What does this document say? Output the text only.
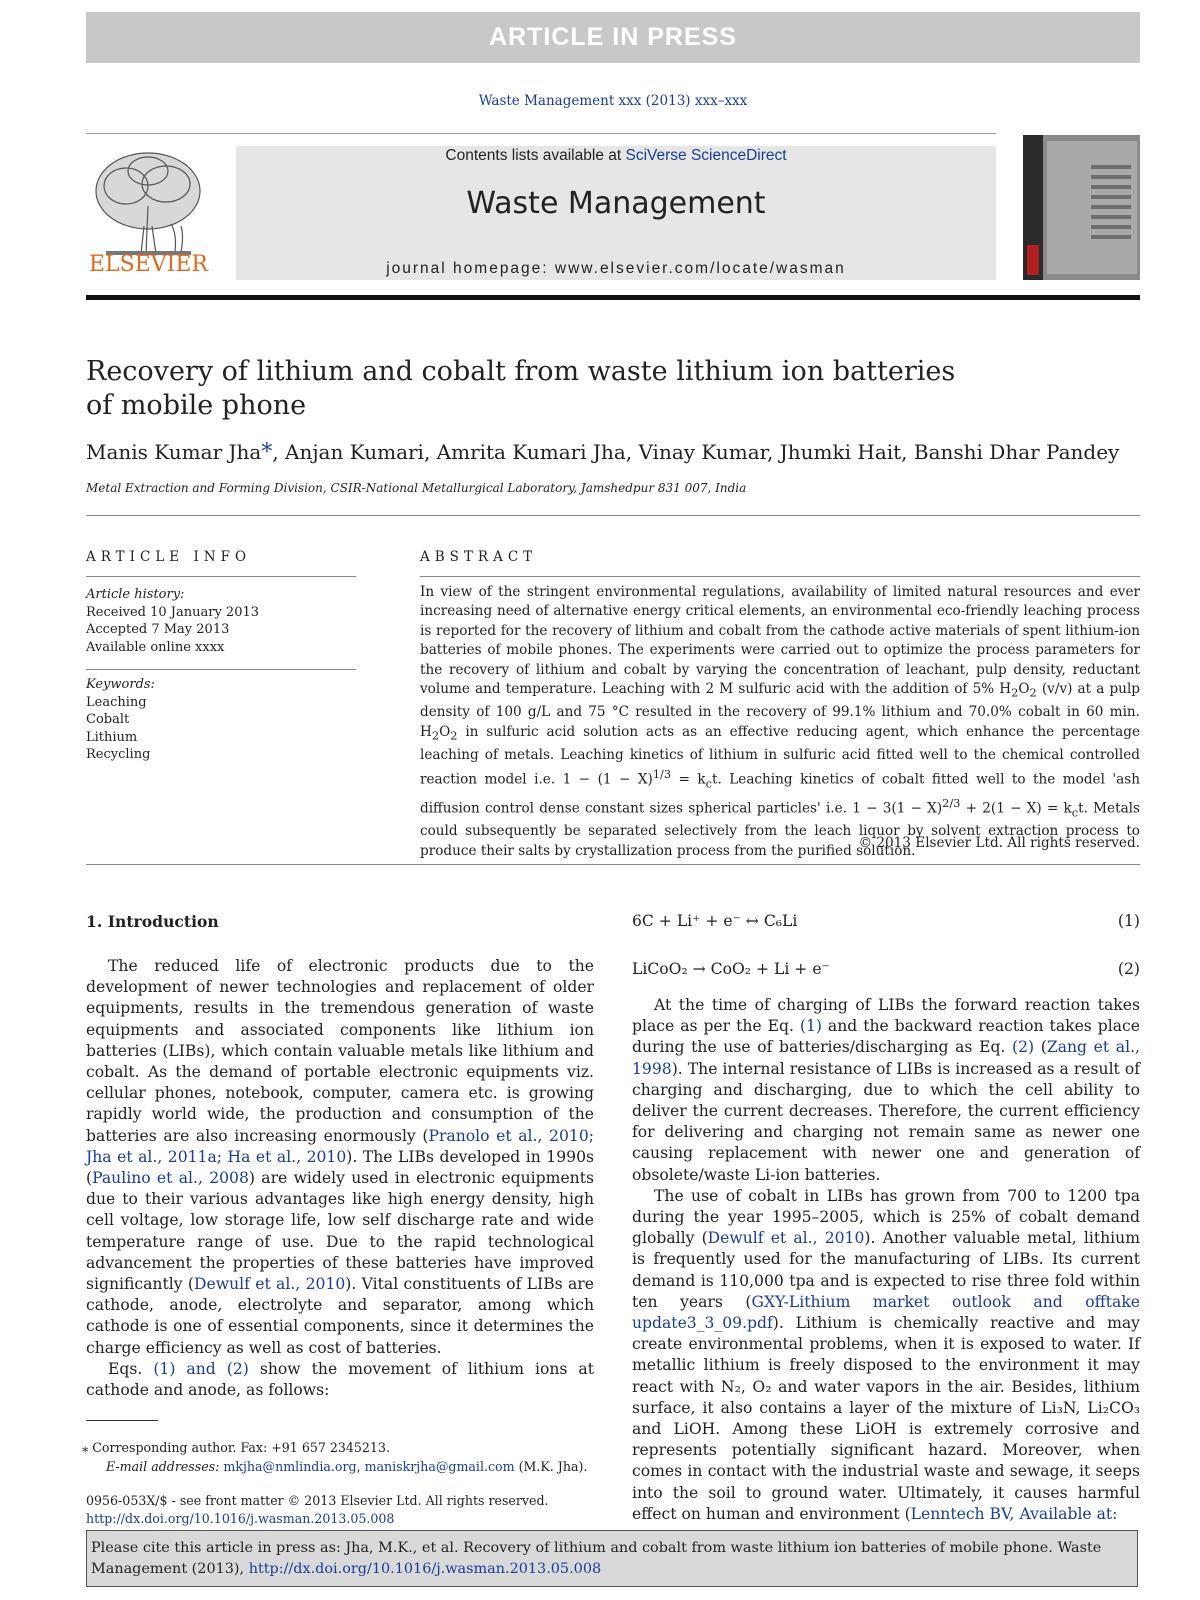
ARTICLE IN PRESS
Waste Management xxx (2013) xxx–xxx
ELSEVIER
Contents lists available at SciVerse ScienceDirect
Waste Management
journal homepage: www.elsevier.com/locate/wasman
Recovery of lithium and cobalt from waste lithium ion batteries
of mobile phone
Manis Kumar Jha*, Anjan Kumari, Amrita Kumari Jha, Vinay Kumar, Jhumki Hait, Banshi Dhar Pandey
Metal Extraction and Forming Division, CSIR-National Metallurgical Laboratory, Jamshedpur 831 007, India
ARTICLE INFO
Article history:
Received 10 January 2013
Accepted 7 May 2013
Available online xxxx
Keywords:
Leaching
Cobalt
Lithium
Recycling
ABSTRACT
In view of the stringent environmental regulations, availability of limited natural resources and ever increasing need of alternative energy critical elements, an environmental eco-friendly leaching process is reported for the recovery of lithium and cobalt from the cathode active materials of spent lithium-ion batteries of mobile phones. The experiments were carried out to optimize the process parameters for the recovery of lithium and cobalt by varying the concentration of leachant, pulp density, reductant volume and temperature. Leaching with 2 M sulfuric acid with the addition of 5% $H_2O_2$ (v/v) at a pulp density of 100 g/L and 75 °C resulted in the recovery of 99.1% lithium and 70.0% cobalt in 60 min. $H_2O_2$ in sulfuric acid solution acts as an effective reducing agent, which enhance the percentage leaching of metals. Leaching kinetics of lithium in sulfuric acid fitted well to the chemical controlled reaction model i.e. $1 - (1 - X)^{1/3} = k_ct$. Leaching kinetics of cobalt fitted well to the model 'ash diffusion control dense constant sizes spherical particles' i.e. $1 - 3(1 - X)^{2/3} + 2(1 - X) = k_ct$. Metals could subsequently be separated selectively from the leach liquor by solvent extraction process to produce their salts by crystallization process from the purified solution.
© 2013 Elsevier Ltd. All rights reserved.
1. Introduction

The reduced life of electronic products due to the development of newer technologies and replacement of older equipments, results in the tremendous generation of waste equipments and associated components like lithium ion batteries (LIBs), which contain valuable metals like lithium and cobalt. As the demand of portable electronic equipments viz. cellular phones, notebook, computer, camera etc. is growing rapidly world wide, the production and consumption of the batteries are also increasing enormously (Pranolo et al., 2010; Jha et al., 2011a; Ha et al., 2010). The LIBs developed in 1990s (Paulino et al., 2008) are widely used in electronic equipments due to their various advantages like high energy density, high cell voltage, low storage life, low self discharge rate and wide temperature range of use. Due to the rapid technological advancement the properties of these batteries have improved significantly (Dewulf et al., 2010). Vital constituents of LIBs are cathode, anode, electrolyte and separator, among which cathode is one of essential components, since it determines the charge efficiency as well as cost of batteries.

Eqs. (1) and (2) show the movement of lithium ions at cathode and anode, as follows:

6C + Li⁺ + e⁻ ↔ C₆Li	(1)
LiCoO₂ → CoO₂ + Li + e⁻	(2)

At the time of charging of LIBs the forward reaction takes place as per the Eq. (1) and the backward reaction takes place during the use of batteries/discharging as Eq. (2) (Zang et al., 1998). The internal resistance of LIBs is increased as a result of charging and discharging, due to which the cell ability to deliver the current decreases. Therefore, the current efficiency for delivering and charging not remain same as newer one causing replacement with newer one and generation of obsolete/waste Li-ion batteries.

The use of cobalt in LIBs has grown from 700 to 1200 tpa during the year 1995–2005, which is 25% of cobalt demand globally (Dewulf et al., 2010). Another valuable metal, lithium is frequently used for the manufacturing of LIBs. Its current demand is 110,000 tpa and is expected to rise three fold within ten years (GXY-Lithium market outlook and offtake update3_3_09.pdf). Lithium is chemically reactive and may create environmental problems, when it is exposed to water. If metallic lithium is freely disposed to the environment it may react with N₂, O₂ and water vapors in the air. Besides, lithium surface, it also contains a layer of the mixture of Li₃N, Li₂CO₃ and LiOH. Among these LiOH is extremely corrosive and represents potentially significant hazard. Moreover, when comes in contact with the industrial waste and sewage, it seeps into the soil to ground water. Ultimately, it causes harmful effect on human and environment (Lenntech BV, Available at:

⁎ Corresponding author. Fax: +91 657 2345213.
E-mail addresses: mkjha@nmlindia.org, maniskrjha@gmail.com (M.K. Jha).
0956-053X/$ - see front matter © 2013 Elsevier Ltd. All rights reserved.
http://dx.doi.org/10.1016/j.wasman.2013.05.008
Please cite this article in press as: Jha, M.K., et al. Recovery of lithium and cobalt from waste lithium ion batteries of mobile phone. Waste Management (2013), http://dx.doi.org/10.1016/j.wasman.2013.05.008
